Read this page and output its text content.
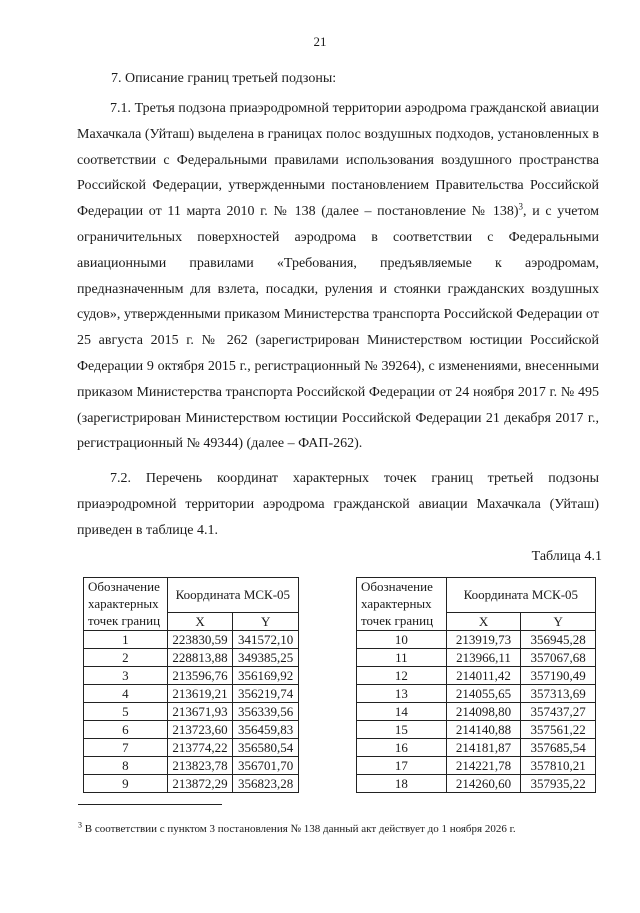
21
7. Описание границ третьей подзоны:

7.1. Третья подзона приаэродромной территории аэродрома гражданской авиации Махачкала (Уйташ) выделена в границах полос воздушных подходов, установленных в соответствии с Федеральными правилами использования воздушного пространства Российской Федерации, утвержденными постановлением Правительства Российской Федерации от 11 марта 2010 г. № 138 (далее – постановление № 138)$^3$, и с учетом ограничительных поверхностей аэродрома в соответствии с Федеральными авиационными правилами «Требования, предъявляемые к аэродромам, предназначенным для взлета, посадки, руления и стоянки гражданских воздушных судов», утвержденными приказом Министерства транспорта Российской Федерации от 25 августа 2015 г. № 262 (зарегистрирован Министерством юстиции Российской Федерации 9 октября 2015 г., регистрационный № 39264), с изменениями, внесенными приказом Министерства транспорта Российской Федерации от 24 ноября 2017 г. № 495 (зарегистрирован Министерством юстиции Российской Федерации 21 декабря 2017 г., регистрационный № 49344) (далее – ФАП-262).

7.2. Перечень координат характерных точек границ третьей подзоны приаэродромной территории аэродрома гражданской авиации Махачкала (Уйташ) приведен в таблице 4.1.

Таблица 4.1
Обозначение характерных точек границ	Координата МСК-05	
	X	Y
1	223830,59	341572,10
2	228813,88	349385,25
3	213596,76	356169,92
4	213619,21	356219,74
5	213671,93	356339,56
6	213723,60	356459,83
7	213774,22	356580,54
8	213823,78	356701,70
9	213872,29	356823,28
Обозначение характерных точек границ	Координата МСК-05	
	X	Y
10	213919,73	356945,28
11	213966,11	357067,68
12	214011,42	357190,49
13	214055,65	357313,69
14	214098,80	357437,27
15	214140,88	357561,22
16	214181,87	357685,54
17	214221,78	357810,21
18	214260,60	357935,22
$^3$ В соответствии с пунктом 3 постановления № 138 данный акт действует до 1 ноября 2026 г.
